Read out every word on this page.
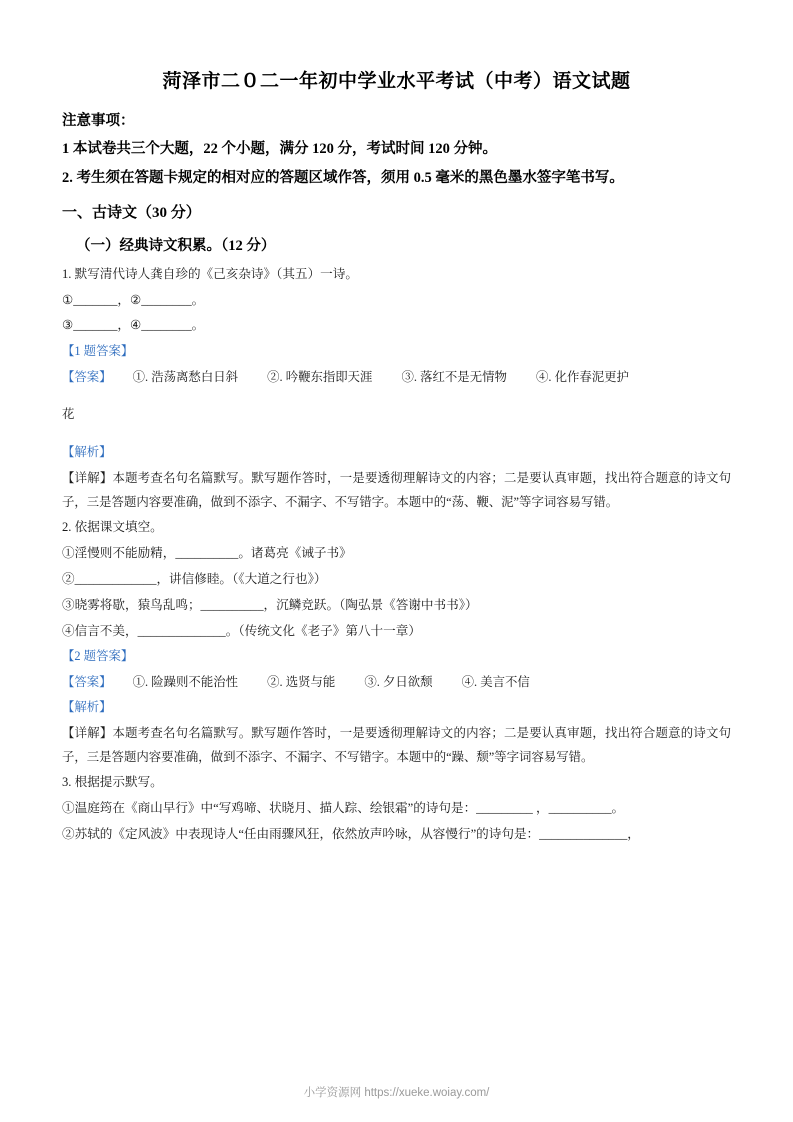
菏泽市二０二一年初中学业水平考试（中考）语文试题

注意事项：

1 本试卷共三个大题，22 个小题，满分 120 分，考试时间 120 分钟。

2. 考生须在答题卡规定的相对应的答题区域作答，须用 0.5 毫米的黑色墨水签字笔书写。

一、古诗文（30 分）

（一）经典诗文积累。（12 分）

1. 默写清代诗人龚自珍的《己亥杂诗》（其五）一诗。

①_______，②________。

③_______，④________。

【1 题答案】

【答案】 ①. 浩荡离愁白日斜 ②. 吟鞭东指即天涯 ③. 落红不是无情物 ④. 化作春泥更护

花

【解析】

【详解】本题考查名句名篇默写。默写题作答时，一是要透彻理解诗文的内容；二是要认真审题，找出符合题意的诗文句子，三是答题内容要准确，做到不添字、不漏字、不写错字。本题中的“荡、鞭、泥”等字词容易写错。

2. 依据课文填空。

①淫慢则不能励精，__________。诸葛亮《诫子书》

②_____________，讲信修睦。（《大道之行也》）

③晓雾将歇，猿鸟乱鸣；__________，沉鳞竞跃。（陶弘景《答谢中书书》）

④信言不美，______________。（传统文化《老子》第八十一章）

【2 题答案】

【答案】 ①. 险躁则不能治性 ②. 选贤与能 ③. 夕日欲颓 ④. 美言不信

【解析】

【详解】本题考查名句名篇默写。默写题作答时，一是要透彻理解诗文的内容；二是要认真审题，找出符合题意的诗文句子，三是答题内容要准确，做到不添字、不漏字、不写错字。本题中的“躁、颓”等字词容易写错。

3. 根据提示默写。

①温庭筠在《商山早行》中“写鸡啼、状晓月、描人踪、绘银霜”的诗句是：_________ ，__________。

②苏轼的《定风波》中表现诗人“任由雨骤风狂，依然放声吟咏，从容慢行”的诗句是：______________，

小学资源网 https://xueke.woiay.com/
